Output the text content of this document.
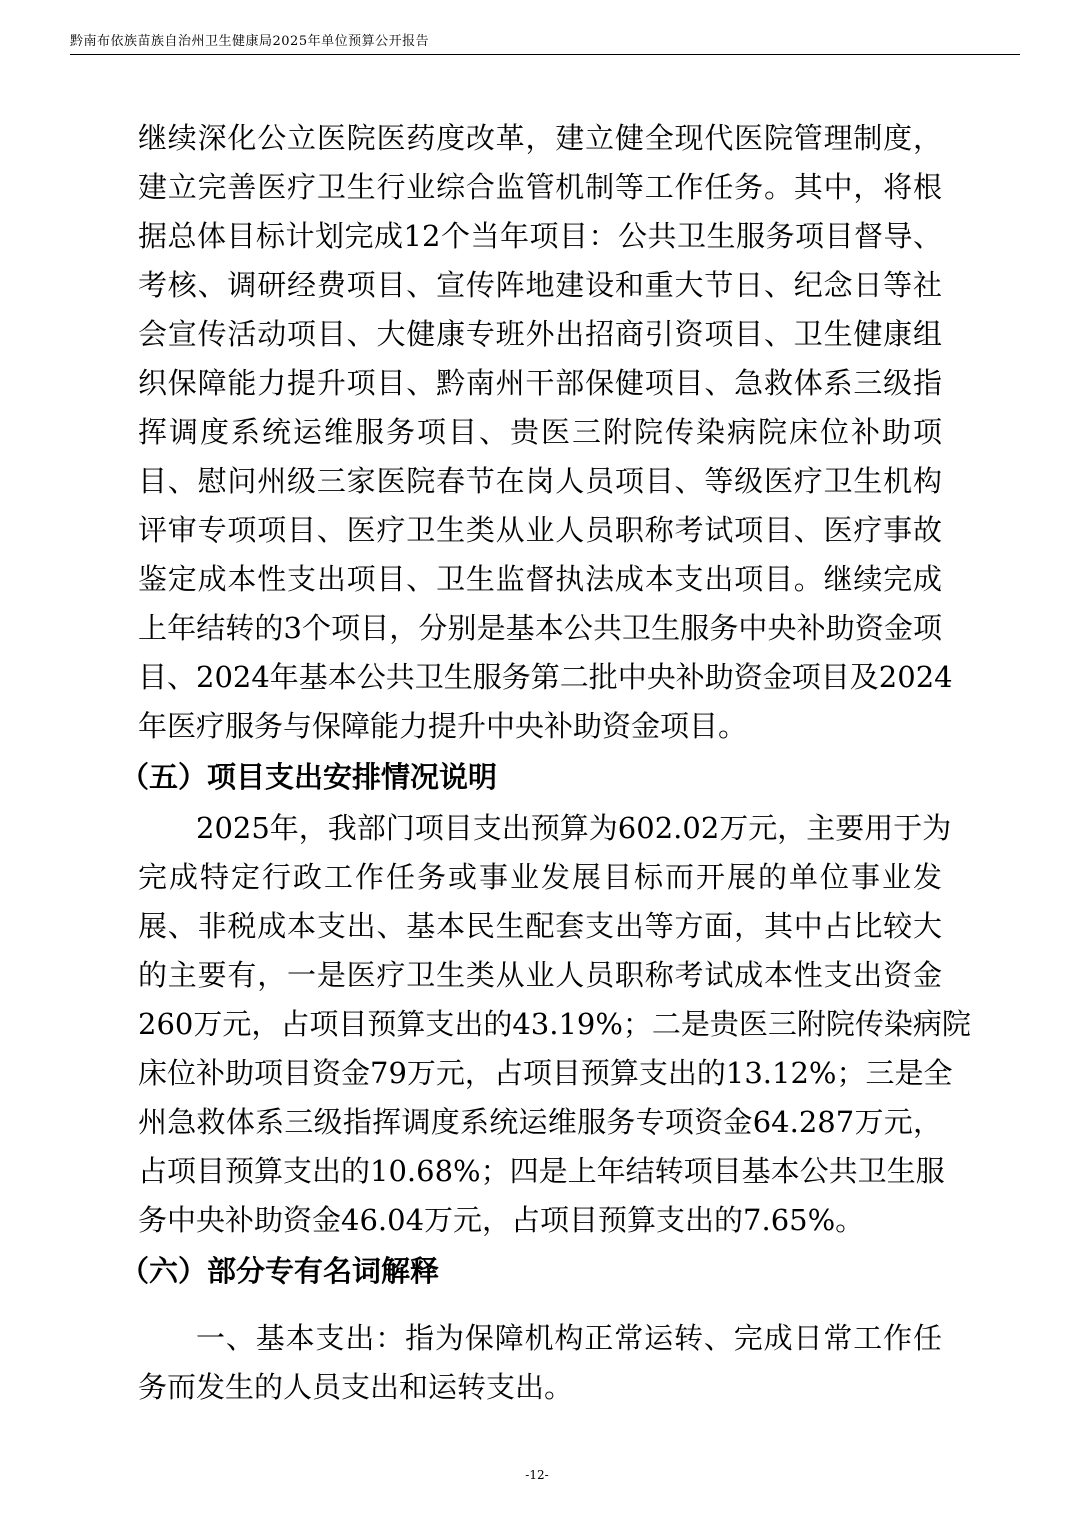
黔南布依族苗族自治州卫生健康局2025年单位预算公开报告
继续深化公立医院医药度改革，建立健全现代医院管理制度，
建立完善医疗卫生行业综合监管机制等工作任务。其中，将根
据总体目标计划完成12个当年项目：公共卫生服务项目督导、
考核、调研经费项目、宣传阵地建设和重大节日、纪念日等社
会宣传活动项目、大健康专班外出招商引资项目、卫生健康组
织保障能力提升项目、黔南州干部保健项目、急救体系三级指
挥调度系统运维服务项目、贵医三附院传染病院床位补助项
目、慰问州级三家医院春节在岗人员项目、等级医疗卫生机构
评审专项项目、医疗卫生类从业人员职称考试项目、医疗事故
鉴定成本性支出项目、卫生监督执法成本支出项目。继续完成
上年结转的3个项目，分别是基本公共卫生服务中央补助资金项
目、2024年基本公共卫生服务第二批中央补助资金项目及2024
年医疗服务与保障能力提升中央补助资金项目。
（五）项目支出安排情况说明
2025年，我部门项目支出预算为602.02万元，主要用于为
完成特定行政工作任务或事业发展目标而开展的单位事业发
展、非税成本支出、基本民生配套支出等方面，其中占比较大
的主要有，一是医疗卫生类从业人员职称考试成本性支出资金
260万元，占项目预算支出的43.19%；二是贵医三附院传染病院
床位补助项目资金79万元，占项目预算支出的13.12%；三是全
州急救体系三级指挥调度系统运维服务专项资金64.287万元，
占项目预算支出的10.68%；四是上年结转项目基本公共卫生服
务中央补助资金46.04万元，占项目预算支出的7.65%。
（六）部分专有名词解释
一、基本支出：指为保障机构正常运转、完成日常工作任
务而发生的人员支出和运转支出。
-12-
